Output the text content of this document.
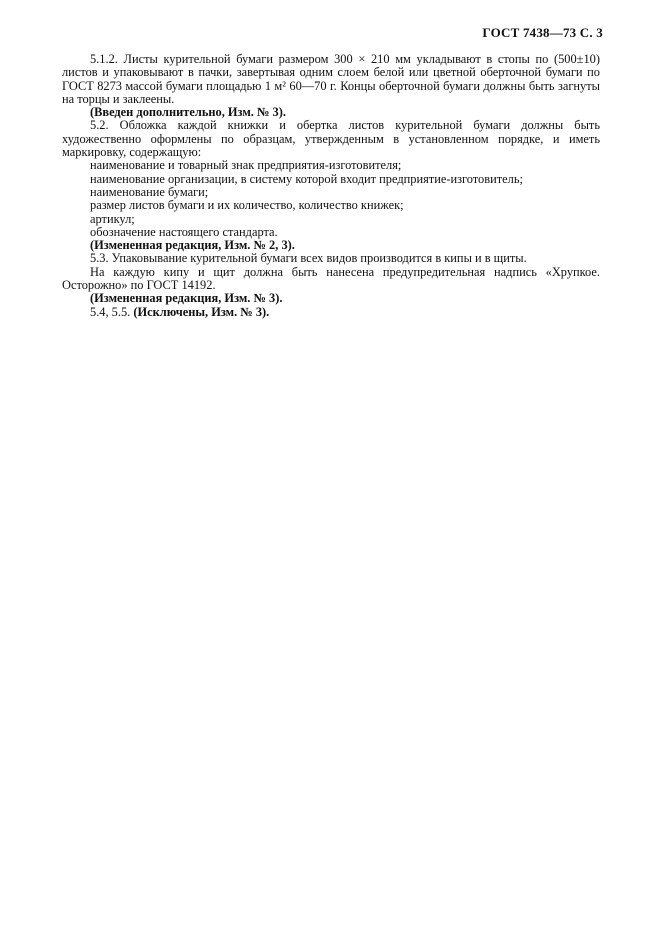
ГОСТ 7438—73 С. 3

5.1.2. Листы курительной бумаги размером 300 × 210 мм укладывают в стопы по (500±10) листов и упаковывают в пачки, завертывая одним слоем белой или цветной оберточной бумаги по ГОСТ 8273 массой бумаги площадью 1 м² 60—70 г. Концы оберточной бумаги должны быть загнуты на торцы и заклеены.

(Введен дополнительно, Изм. № 3).

5.2. Обложка каждой книжки и обертка листов курительной бумаги должны быть художественно оформлены по образцам, утвержденным в установленном порядке, и иметь маркировку, содержащую:

наименование и товарный знак предприятия-изготовителя;

наименование организации, в систему которой входит предприятие-изготовитель;

наименование бумаги;

размер листов бумаги и их количество, количество книжек;

артикул;

обозначение настоящего стандарта.

(Измененная редакция, Изм. № 2, 3).

5.3. Упаковывание курительной бумаги всех видов производится в кипы и в щиты.

На каждую кипу и щит должна быть нанесена предупредительная надпись «Хрупкое. Осторожно» по ГОСТ 14192.

(Измененная редакция, Изм. № 3).

5.4, 5.5. (Исключены, Изм. № 3).
